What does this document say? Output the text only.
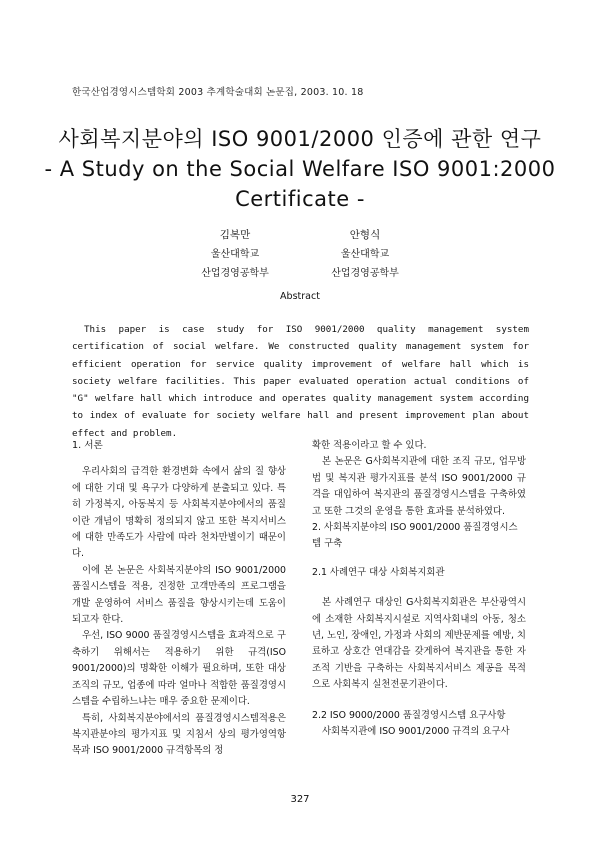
한국산업경영시스템학회 2003 추계학술대회 논문집, 2003. 10. 18
사회복지분야의 ISO 9001/2000 인증에 관한 연구
- A Study on the Social Welfare ISO 9001:2000
Certificate -
김복만
울산대학교
산업경영공학부
안형식
울산대학교
산업경영공학부
Abstract
This paper is case study for ISO 9001/2000 quality management system certification of social welfare. We constructed quality management system for efficient operation for service quality improvement of welfare hall which is society welfare facilities. This paper evaluated operation actual conditions of "G" welfare hall which introduce and operates quality management system according to index of evaluate for society welfare hall and present improvement plan about effect and problem.
1. 서론

우리사회의 급격한 환경변화 속에서 삶의 질 향상에 대한 기대 및 욕구가 다양하게 분출되고 있다. 특히 가정복지, 아동복지 등 사회복지분야에서의 품질이란 개념이 명확히 정의되지 않고 또한 복지서비스에 대한 만족도가 사람에 따라 천차만별이기 때문이다.

이에 본 논문은 사회복지분야의 ISO 9001/2000 품질시스템을 적용, 진정한 고객만족의 프로그램을 개발 운영하여 서비스 품질을 향상시키는데 도움이 되고자 한다.

우선, ISO 9000 품질경영시스템을 효과적으로 구축하기 위해서는 적용하기 위한 규격(ISO 9001/2000)의 명확한 이해가 필요하며, 또한 대상조직의 규모, 업종에 따라 얼마나 적합한 품질경영시스템을 수립하느냐는 매우 중요한 문제이다.

특히, 사회복지분야에서의 품질경영시스템적용은 복지관분야의 평가지표 및 지침서 상의 평가영역항목과 ISO 9001/2000 규격항목의 정

확한 적용이라고 할 수 있다.

본 논문은 G사회복지관에 대한 조직 규모, 업무방법 및 복지관 평가지표를 분석 ISO 9001/2000 규격을 대입하여 복지관의 품질경영시스템을 구축하였고 또한 그것의 운영을 통한 효과를 분석하였다.

2. 사회복지분야의 ISO 9001/2000 품질경영시스템 구축
2.1 사례연구 대상 사회복지회관

본 사례연구 대상인 G사회복지회관은 부산광역시에 소재한 사회복지시설로 지역사회내의 아동, 청소년, 노인, 장애인, 가정과 사회의 제반문제를 예방, 치료하고 상호간 연대감을 갖게하여 복지관을 통한 자조적 기반을 구축하는 사회복지서비스 제공을 목적으로 사회복지 실천전문기관이다.

2.2 ISO 9000/2000 품질경영시스템 요구사항

사회복지관에 ISO 9001/2000 규격의 요구사

327
